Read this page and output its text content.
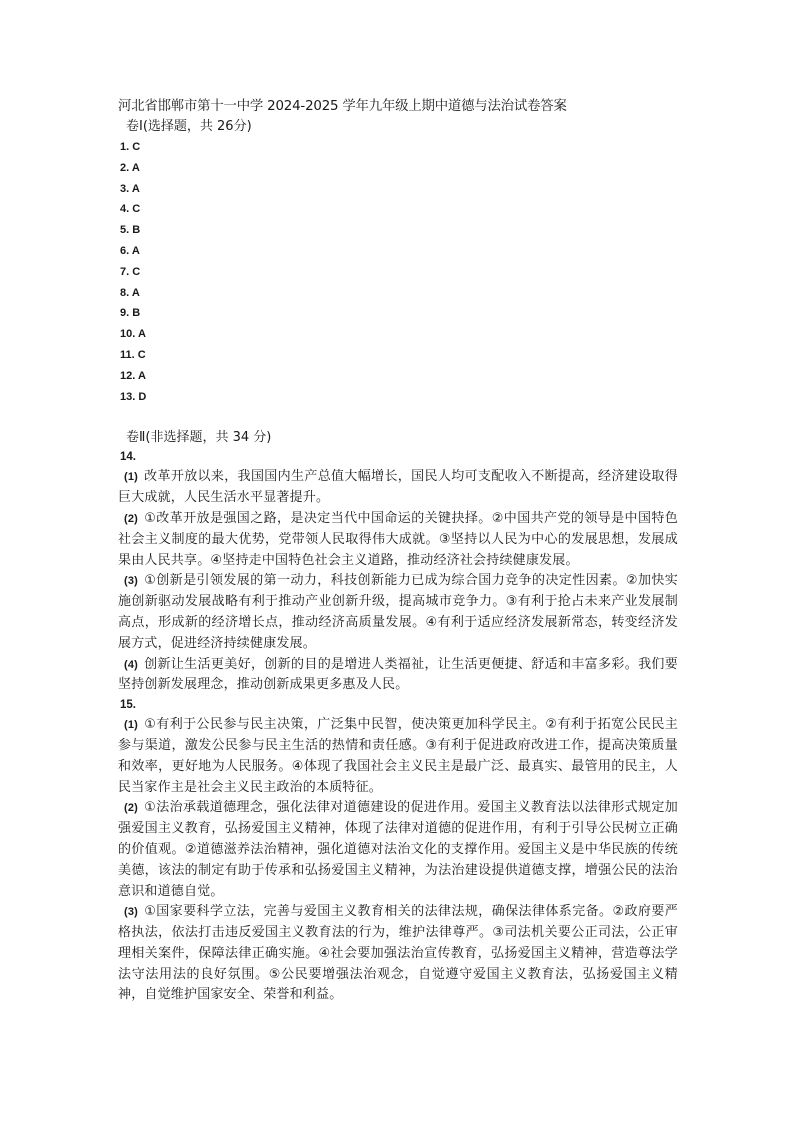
河北省邯郸市第十一中学 2024-2025 学年九年级上期中道德与法治试卷答案
卷Ⅰ(选择题，共 26分)
1. C
2. A
3. A
4. C
5. B
6. A
7. C
8. A
9. B
10. A
11. C
12. A
13. D
卷Ⅱ(非选择题，共 34 分)
14.

(1) 改革开放以来，我国国内生产总值大幅增长，国民人均可支配收入不断提高，经济建设取得巨大成就，人民生活水平显著提升。

(2) ①改革开放是强国之路，是决定当代中国命运的关键抉择。②中国共产党的领导是中国特色社会主义制度的最大优势，党带领人民取得伟大成就。③坚持以人民为中心的发展思想，发展成果由人民共享。④坚持走中国特色社会主义道路，推动经济社会持续健康发展。

(3) ①创新是引领发展的第一动力，科技创新能力已成为综合国力竞争的决定性因素。②加快实施创新驱动发展战略有利于推动产业创新升级，提高城市竞争力。③有利于抢占未来产业发展制高点，形成新的经济增长点，推动经济高质量发展。④有利于适应经济发展新常态，转变经济发展方式，促进经济持续健康发展。

(4) 创新让生活更美好，创新的目的是增进人类福祉，让生活更便捷、舒适和丰富多彩。我们要坚持创新发展理念，推动创新成果更多惠及人民。

15.

(1) ①有利于公民参与民主决策，广泛集中民智，使决策更加科学民主。②有利于拓宽公民民主参与渠道，激发公民参与民主生活的热情和责任感。③有利于促进政府改进工作，提高决策质量和效率，更好地为人民服务。④体现了我国社会主义民主是最广泛、最真实、最管用的民主，人民当家作主是社会主义民主政治的本质特征。

(2) ①法治承载道德理念，强化法律对道德建设的促进作用。爱国主义教育法以法律形式规定加强爱国主义教育，弘扬爱国主义精神，体现了法律对道德的促进作用，有利于引导公民树立正确的价值观。②道德滋养法治精神，强化道德对法治文化的支撑作用。爱国主义是中华民族的传统美德，该法的制定有助于传承和弘扬爱国主义精神，为法治建设提供道德支撑，增强公民的法治意识和道德自觉。

(3) ①国家要科学立法，完善与爱国主义教育相关的法律法规，确保法律体系完备。②政府要严格执法，依法打击违反爱国主义教育法的行为，维护法律尊严。③司法机关要公正司法，公正审理相关案件，保障法律正确实施。④社会要加强法治宣传教育，弘扬爱国主义精神，营造尊法学法守法用法的良好氛围。⑤公民要增强法治观念，自觉遵守爱国主义教育法，弘扬爱国主义精神，自觉维护国家安全、荣誉和利益。
